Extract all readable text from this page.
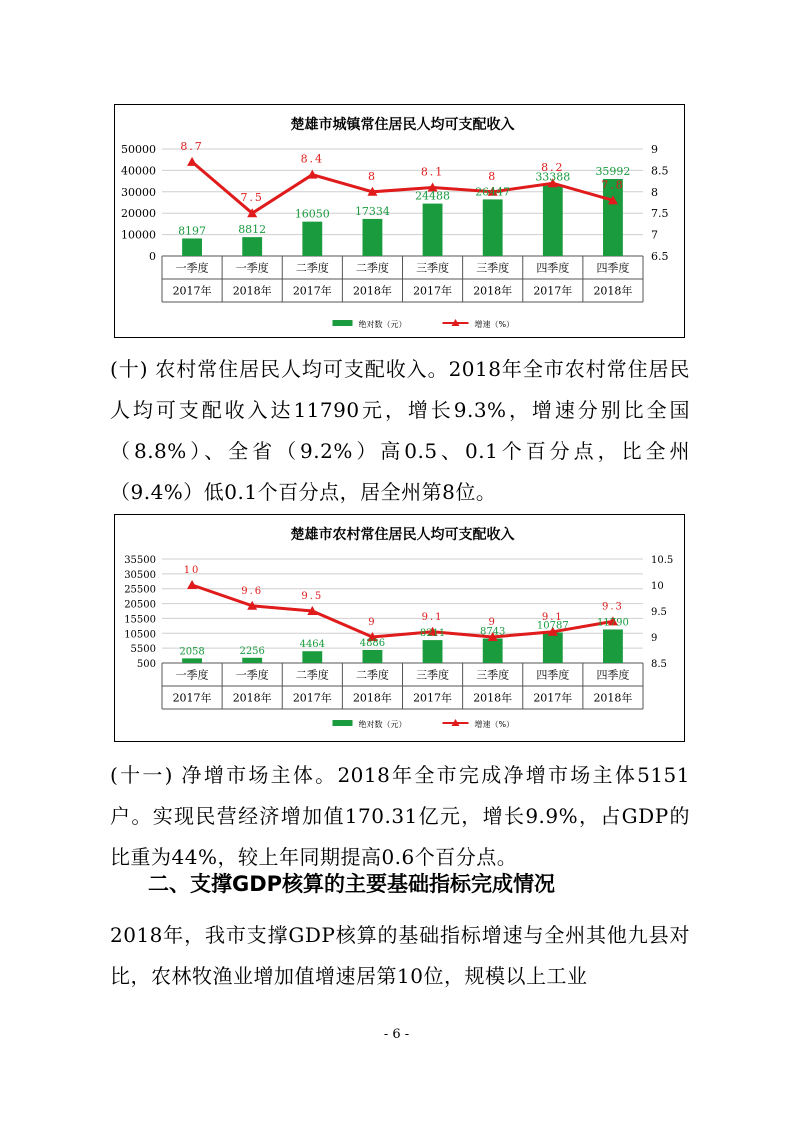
楚雄市城镇常住居民人均可支配收入
0
10000
20000
30000
40000
50000
6.5
7
7.5
8
8.5
9
一季度
2017年
一季度
2018年
二季度
2017年
二季度
2018年
三季度
2017年
三季度
2018年
四季度
2017年
四季度
2018年
8197	8812
16050 17334
24488 26447
33388 35992
8.7
7.5
8.4
8	8.1	8
8.2
7.8
绝对数（元）	增速（%）

(十) 农村常住居民人均可支配收入。2018年全市农村常住居民人均可支配收入达11790元，增长9.3%，增速分别比全国（8.8%）、全省（9.2%）高0.5、0.1个百分点，比全州（9.4%）低0.1个百分点，居全州第8位。

楚雄市农村常住居民人均可支配收入
500
5500
10500
15500
20500
25500
30500
35500
8.5
9
9.5
10
10.5
一季度
2017年
一季度
2018年
二季度
2017年
二季度
2018年
三季度
2017年
三季度
2018年
四季度
2017年
四季度
2018年
2058	2256
4464	4886
8211	8743
10787	11790
10
9.6	9.5
9	9.1	9	9.1
9.3
绝对数（元）	增速（%）

(十一) 净增市场主体。2018年全市完成净增市场主体5151户。实现民营经济增加值170.31亿元，增长9.9%，占GDP的比重为44%，较上年同期提高0.6个百分点。

二、支撑GDP核算的主要基础指标完成情况

2018年，我市支撑GDP核算的基础指标增速与全州其他九县对比，农林牧渔业增加值增速居第10位，规模以上工业

- 6 -
